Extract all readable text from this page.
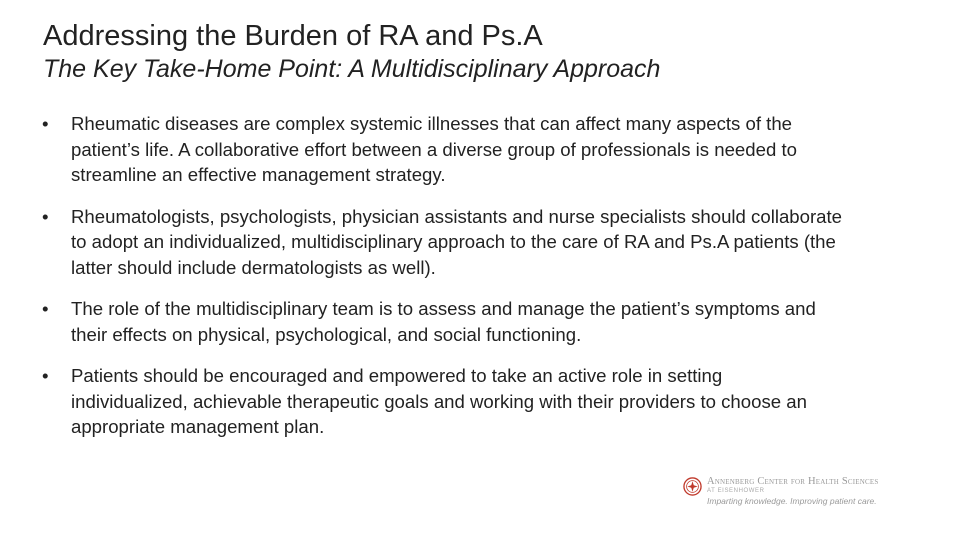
Addressing the Burden of RA and Ps.A
The Key Take-Home Point: A Multidisciplinary Approach
•	Rheumatic diseases are complex systemic illnesses that can affect many aspects of the patient’s life. A collaborative effort between a diverse group of professionals is needed to streamline an effective management strategy.
•	Rheumatologists, psychologists, physician assistants and nurse specialists should collaborate to adopt an individualized, multidisciplinary approach to the care of RA and Ps.A patients (the latter should include dermatologists as well).
•	The role of the multidisciplinary team is to assess and manage the patient’s symptoms and their effects on physical, psychological, and social functioning.
•	Patients should be encouraged and empowered to take an active role in setting individualized, achievable therapeutic goals and working with their providers to choose an appropriate management plan.
Annenberg Center for Health Sciences
AT EISENHOWER
Imparting knowledge. Improving patient care.
